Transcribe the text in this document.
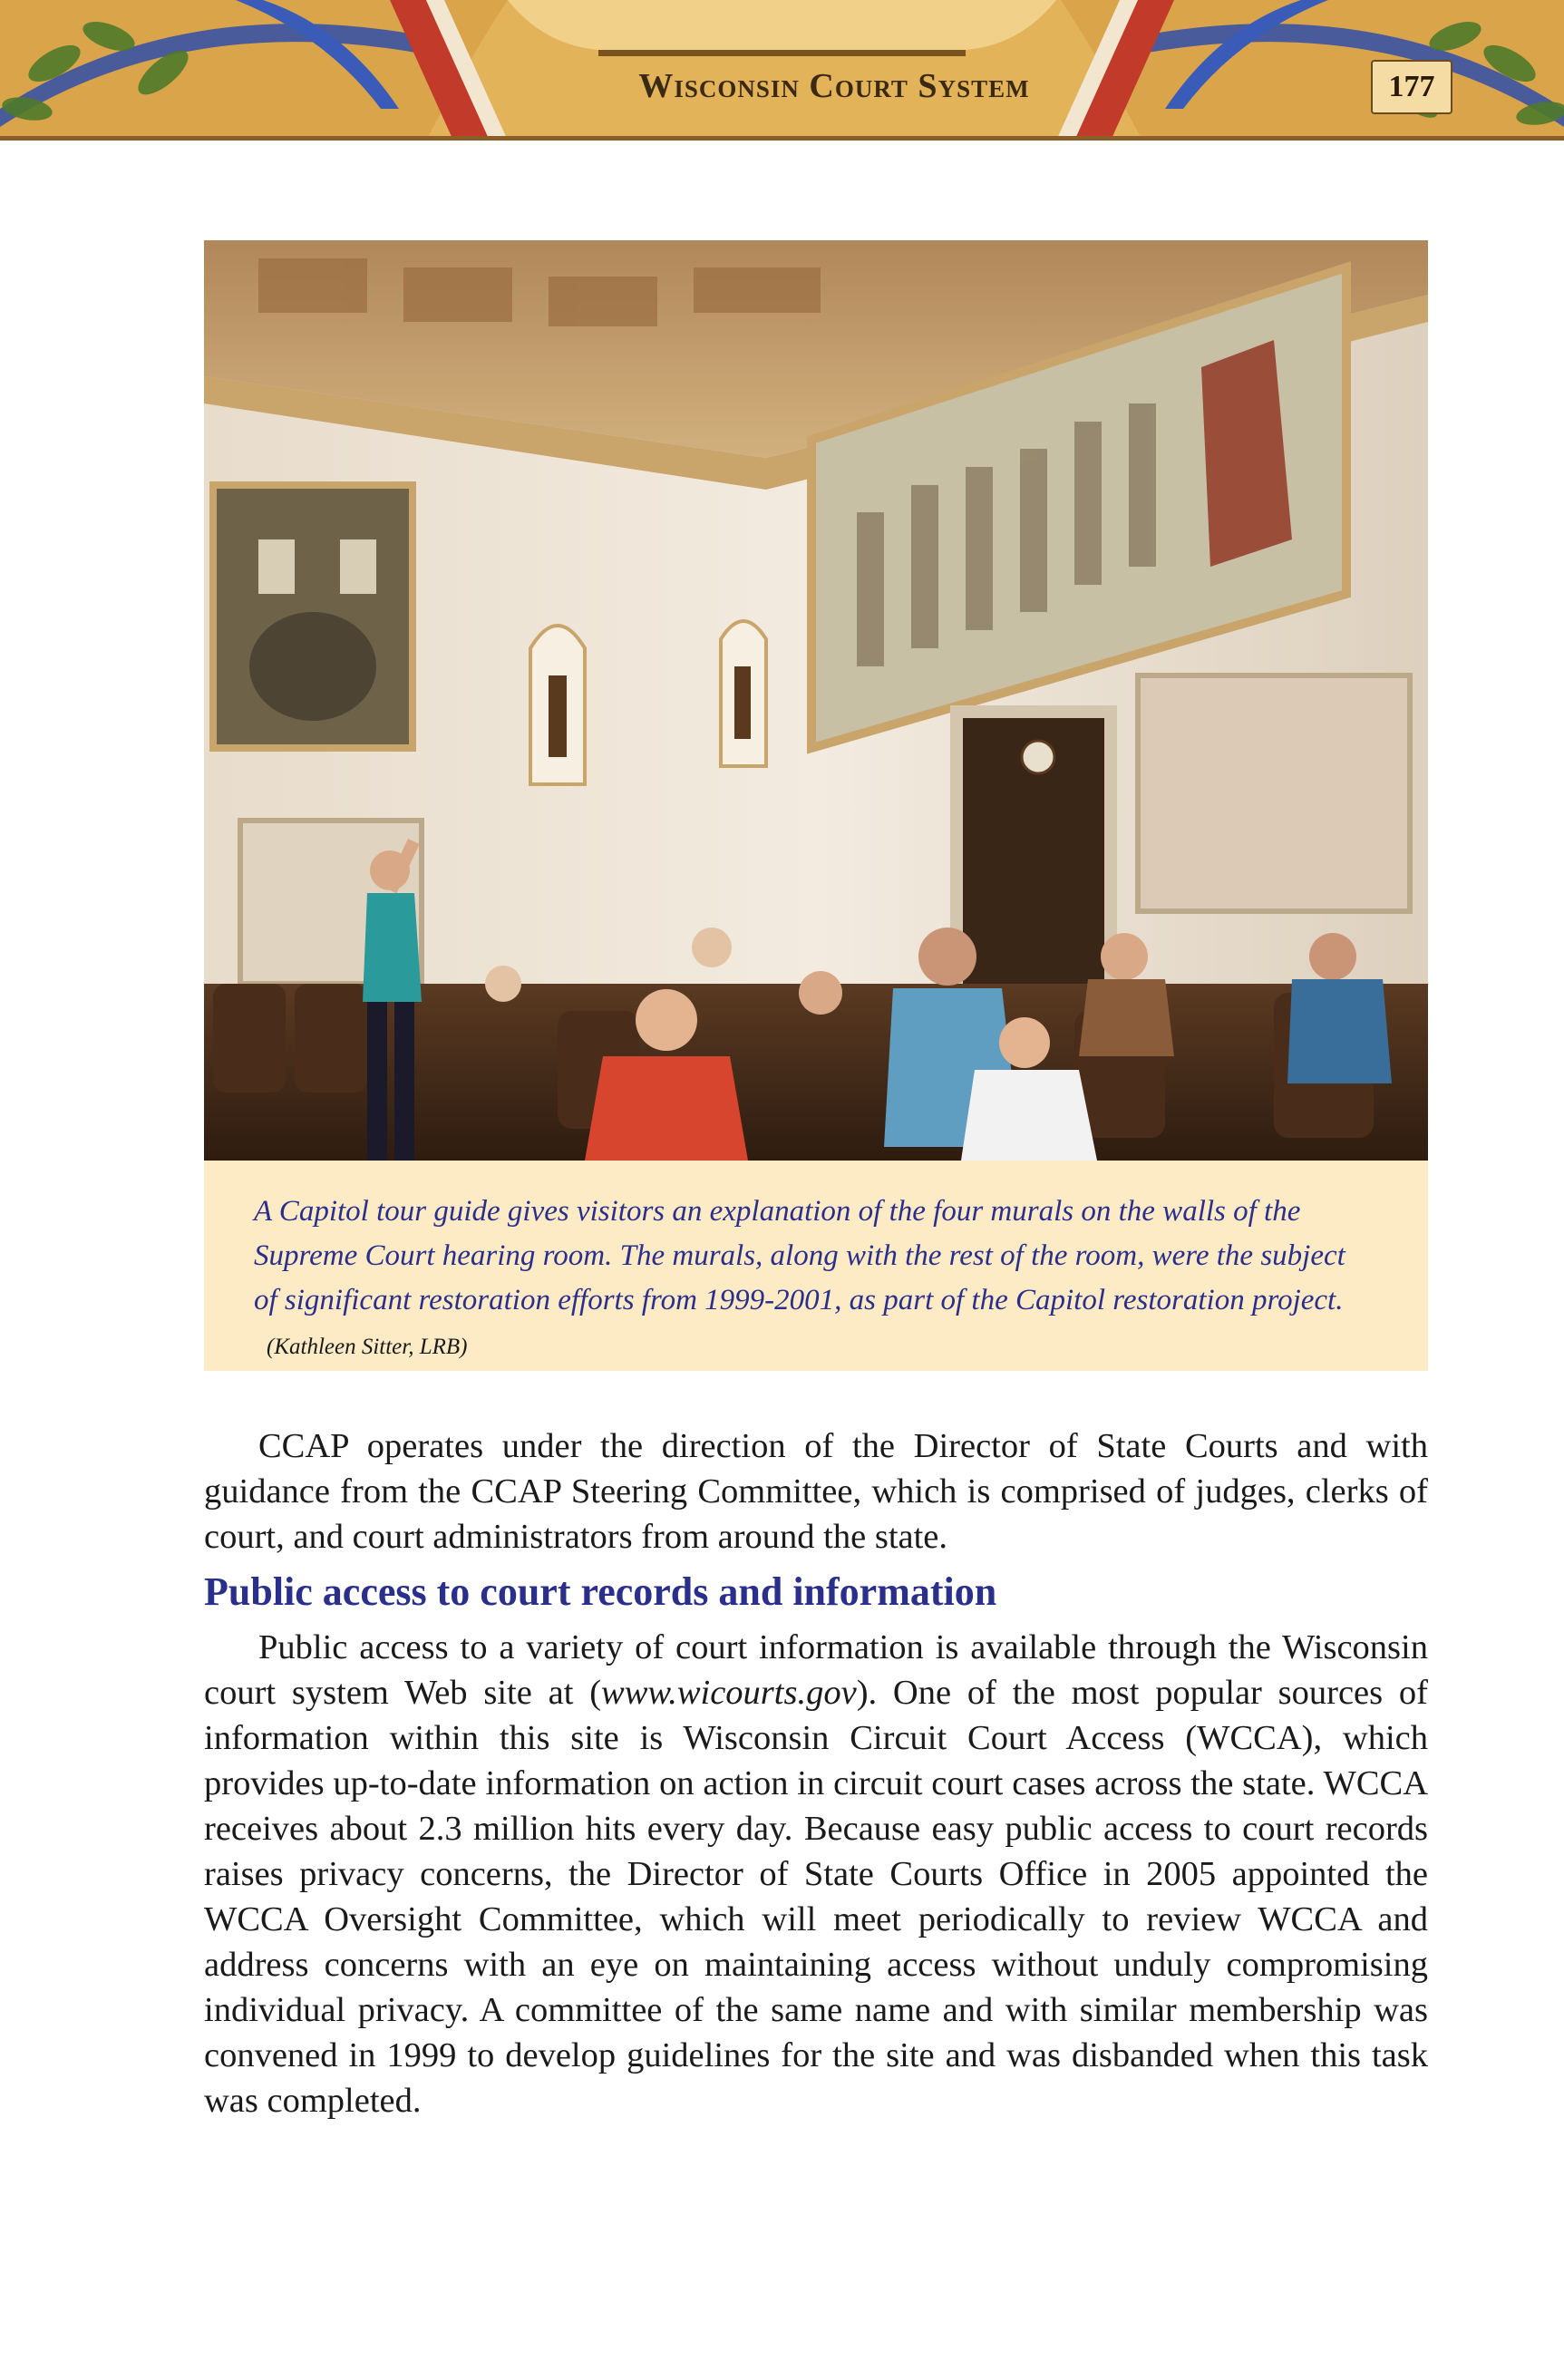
Wisconsin Court System	177

A Capitol tour guide gives visitors an explanation of the four murals on the walls of the Supreme Court hearing room. The murals, along with the rest of the room, were the subject of significant restoration efforts from 1999-2001, as part of the Capitol restoration project.(Kathleen Sitter, LRB)

CCAP operates under the direction of the Director of State Courts and with guidance from the CCAP Steering Committee, which is comprised of judges, clerks of court, and court administrators from around the state.

Public access to court records and information

Public access to a variety of court information is available through the Wisconsin court system Web site at (www.wicourts.gov). One of the most popular sources of information within this site is Wisconsin Circuit Court Access (WCCA), which provides up-to-date information on action in circuit court cases across the state. WCCA receives about 2.3 million hits every day. Because easy public access to court records raises privacy concerns, the Director of State Courts Office in 2005 appointed the WCCA Oversight Committee, which will meet periodically to review WCCA and address concerns with an eye on maintaining access without unduly compromising individual privacy. A committee of the same name and with similar membership was convened in 1999 to develop guidelines for the site and was disbanded when this task was completed.
